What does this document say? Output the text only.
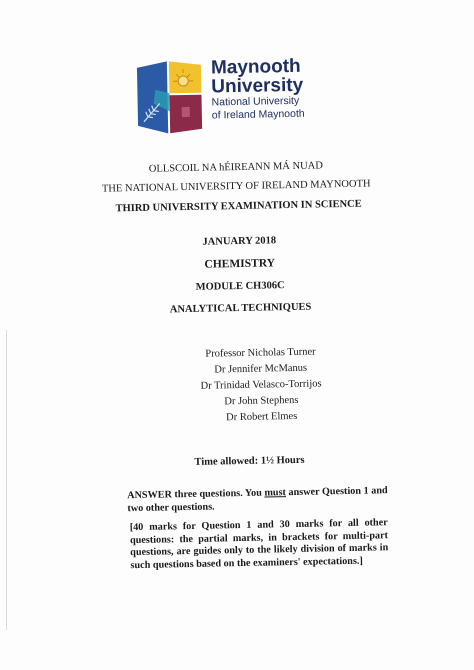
Maynooth
University
National University
of Ireland Maynooth
OLLSCOIL NA hÉIREANN MÁ NUAD
THE NATIONAL UNIVERSITY OF IRELAND MAYNOOTH
THIRD UNIVERSITY EXAMINATION IN SCIENCE
JANUARY 2018
CHEMISTRY
MODULE CH306C
ANALYTICAL TECHNIQUES
Professor Nicholas Turner
Dr Jennifer McManus
Dr Trinidad Velasco-Torrijos
Dr John Stephens
Dr Robert Elmes
Time allowed: 1½ Hours
ANSWER three questions. You must answer Question 1 and two other questions.
[40 marks for Question 1 and 30 marks for all other questions: the partial marks, in brackets for multi-part questions, are guides only to the likely division of marks in such questions based on the examiners' expectations.]
